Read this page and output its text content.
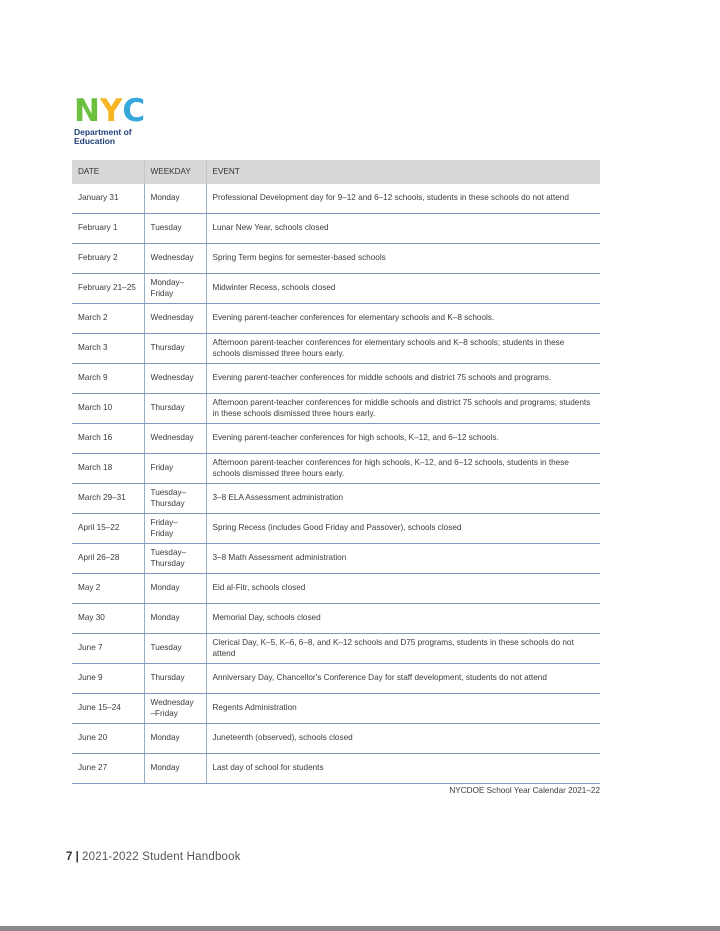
N Y C
Department of
Education
DATE	WEEKDAY	EVENT
January 31	Monday	Professional Development day for 9–12 and 6–12 schools, students in these schools do not attend
February 1	Tuesday	Lunar New Year, schools closed
February 2	Wednesday	Spring Term begins for semester-based schools
February 21–25	Monday–Friday	Midwinter Recess, schools closed
March 2	Wednesday	Evening parent-teacher conferences for elementary schools and K–8 schools.
March 3	Thursday	Afternoon parent-teacher conferences for elementary schools and K–8 schools; students in these schools dismissed three hours early.
March 9	Wednesday	Evening parent-teacher conferences for middle schools and district 75 schools and programs.
March 10	Thursday	Afternoon parent-teacher conferences for middle schools and district 75 schools and programs; students in these schools dismissed three hours early.
March 16	Wednesday	Evening parent-teacher conferences for high schools, K–12, and 6–12 schools.
March 18	Friday	Afternoon parent-teacher conferences for high schools, K–12, and 6–12 schools, students in these schools dismissed three hours early.
March 29–31	Tuesday–Thursday	3–8 ELA Assessment administration
April 15–22	Friday–Friday	Spring Recess (includes Good Friday and Passover), schools closed
April 26–28	Tuesday–Thursday	3–8 Math Assessment administration
May 2	Monday	Eid al-Fitr, schools closed
May 30	Monday	Memorial Day, schools closed
June 7	Tuesday	Clerical Day, K–5, K–6, 6–8, and K–12 schools and D75 programs, students in these schools do not attend
June 9	Thursday	Anniversary Day, Chancellor's Conference Day for staff development, students do not attend
June 15–24	Wednesday –Friday	Regents Administration
June 20	Monday	Juneteenth (observed), schools closed
June 27	Monday	Last day of school for students
NYCDOE School Year Calendar 2021–22
7 | 2021-2022 Student Handbook
